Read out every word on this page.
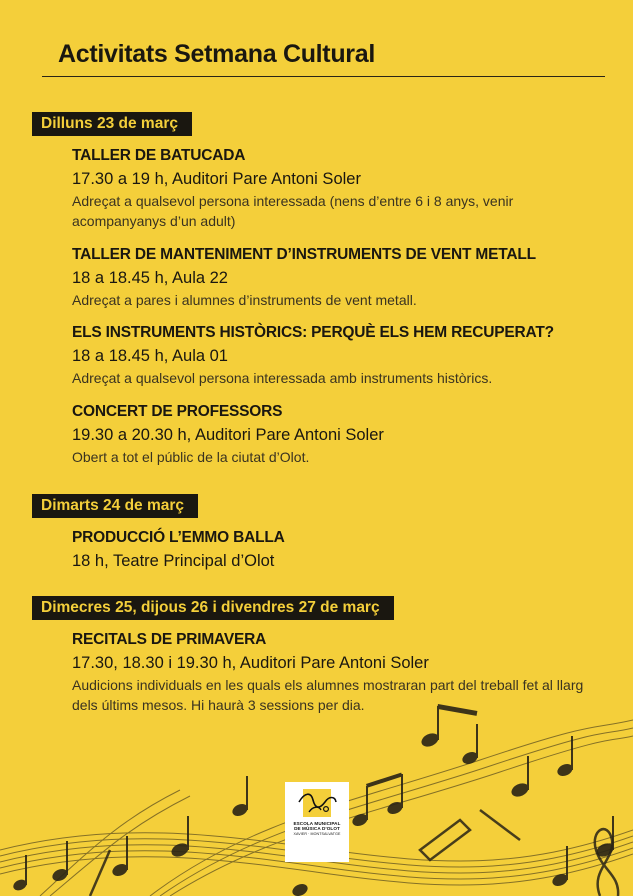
Activitats Setmana Cultural
Dilluns 23 de març
TALLER DE BATUCADA
17.30 a 19 h, Auditori Pare Antoni Soler
Adreçat a qualsevol persona interessada (nens d’entre 6 i 8 anys, venir acompanyanys d’un adult)
TALLER DE MANTENIMENT D’INSTRUMENTS DE VENT METALL
18 a 18.45 h, Aula 22
Adreçat a pares i alumnes d’instruments de vent metall.
ELS INSTRUMENTS HISTÒRICS: PERQUÈ ELS HEM RECUPERAT?
18 a 18.45 h, Aula 01
Adreçat a qualsevol persona interessada amb instruments històrics.
CONCERT DE PROFESSORS
19.30 a 20.30 h, Auditori Pare Antoni Soler
Obert a tot el públic de la ciutat d’Olot.
Dimarts 24 de març
PRODUCCIÓ L’EMMO BALLA
18 h, Teatre Principal d’Olot
Dimecres 25, dijous 26 i divendres 27 de març
RECITALS DE PRIMAVERA
17.30, 18.30 i 19.30 h, Auditori Pare Antoni Soler
Audicions individuals en les quals els alumnes mostraran part del treball fet al llarg dels últims mesos. Hi haurà 3 sessions per dia.
ESCOLA MUNICIPAL
DE MÚSICA D’OLOT
XAVIER · MONTSALVATGE
